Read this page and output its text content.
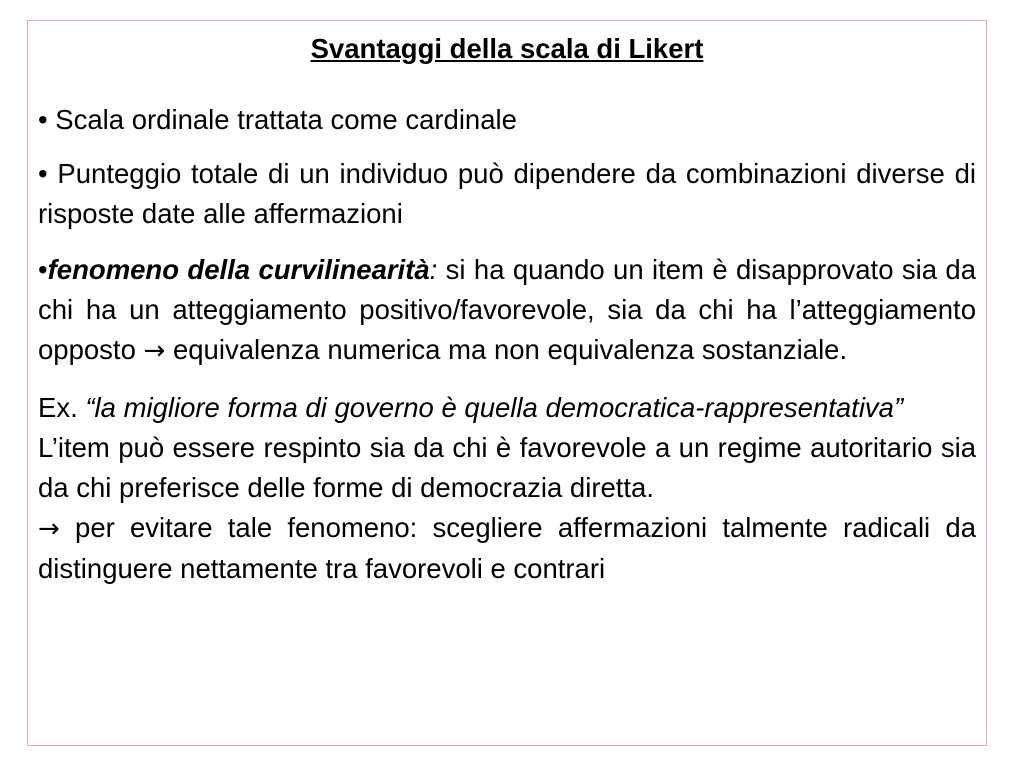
Svantaggi della scala di Likert

• Scala ordinale trattata come cardinale

• Punteggio totale di un individuo può dipendere da combinazioni diverse di risposte date alle affermazioni

•fenomeno della curvilinearità: si ha quando un item è disapprovato sia da chi ha un atteggiamento positivo/favorevole, sia da chi ha l’atteggiamento opposto → equivalenza numerica ma non equivalenza sostanziale.

Ex. “la migliore forma di governo è quella democratica-rappresentativa”
L’item può essere respinto sia da chi è favorevole a un regime autoritario sia da chi preferisce delle forme di democrazia diretta.
→ per evitare tale fenomeno: scegliere affermazioni talmente radicali da distinguere nettamente tra favorevoli e contrari
